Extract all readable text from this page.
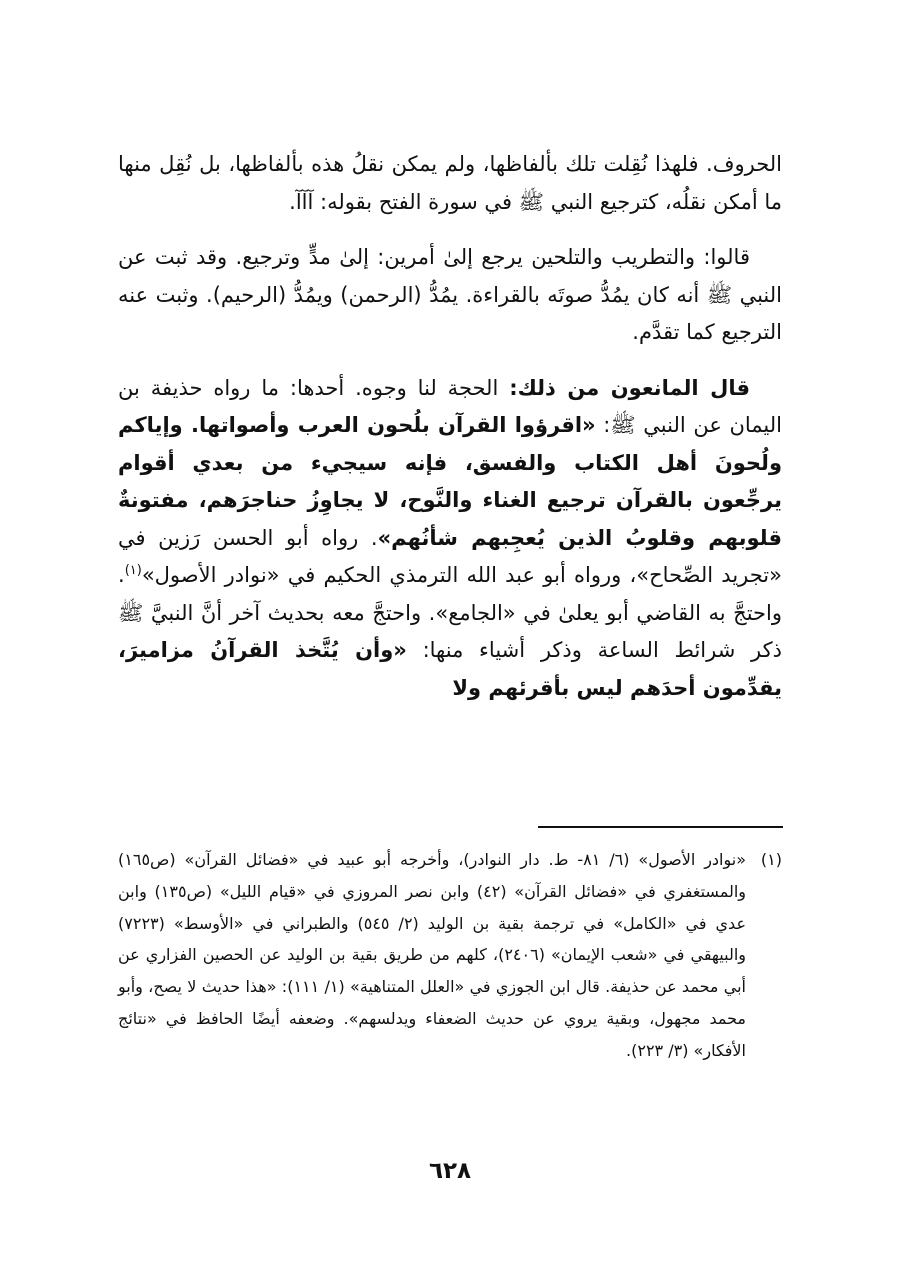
الحروف. فلهذا نُقِلت تلك بألفاظها، ولم يمكن نقلُ هذه بألفاظها، بل نُقِل منها ما أمكن نقلُه، كترجيع النبي ﷺ في سورة الفتح بقوله: آآآ.

قالوا: والتطريب والتلحين يرجع إلىٰ أمرين: إلىٰ مدٍّ وترجيع. وقد ثبت عن النبي ﷺ أنه كان يمُدُّ صوتَه بالقراءة. يمُدُّ (الرحمن) ويمُدُّ (الرحيم). وثبت عنه الترجيع كما تقدَّم.

قال المانعون من ذلك: الحجة لنا وجوه. أحدها: ما رواه حذيفة بن اليمان عن النبي ﷺ: «اقرؤوا القرآن بلُحون العرب وأصواتها. وإياكم ولُحونَ أهل الكتاب والفسق، فإنه سيجيء من بعدي أقوام يرجِّعون بالقرآن ترجيع الغناء والنَّوح، لا يجاوِزُ حناجرَهم، مفتونةٌ قلوبهم وقلوبُ الذين يُعجِبهم شأنُهم». رواه أبو الحسن رَزين في «تجريد الصِّحاح»، ورواه أبو عبد الله الترمذي الحكيم في «نوادر الأصول»$^{(١)}$. واحتجَّ به القاضي أبو يعلىٰ في «الجامع». واحتجَّ معه بحديث آخر أنَّ النبيَّ ﷺ ذكر شرائط الساعة وذكر أشياء منها: «وأن يُتَّخذ القرآنُ مزاميرَ، يقدِّمون أحدَهم ليس بأقرئهم ولا

(١)
«نوادر الأصول» (٦/ ٨١- ط. دار النوادر)، وأخرجه أبو عبيد في «فضائل القرآن» (ص١٦٥) والمستغفري في «فضائل القرآن» (٤٢) وابن نصر المروزي في «قيام الليل» (ص١٣٥) وابن عدي في «الكامل» في ترجمة بقية بن الوليد (٢/ ٥٤٥) والطبراني في «الأوسط» (٧٢٢٣) والبيهقي في «شعب الإيمان» (٢٤٠٦)، كلهم من طريق بقية بن الوليد عن الحصين الفزاري عن أبي محمد عن حذيفة. قال ابن الجوزي في «العلل المتناهية» (١/ ١١١): «هذا حديث لا يصح، وأبو محمد مجهول، وبقية يروي عن حديث الضعفاء ويدلسهم». وضعفه أيضًا الحافظ في «نتائج الأفكار» (٣/ ٢٢٣).
٦٢٨
